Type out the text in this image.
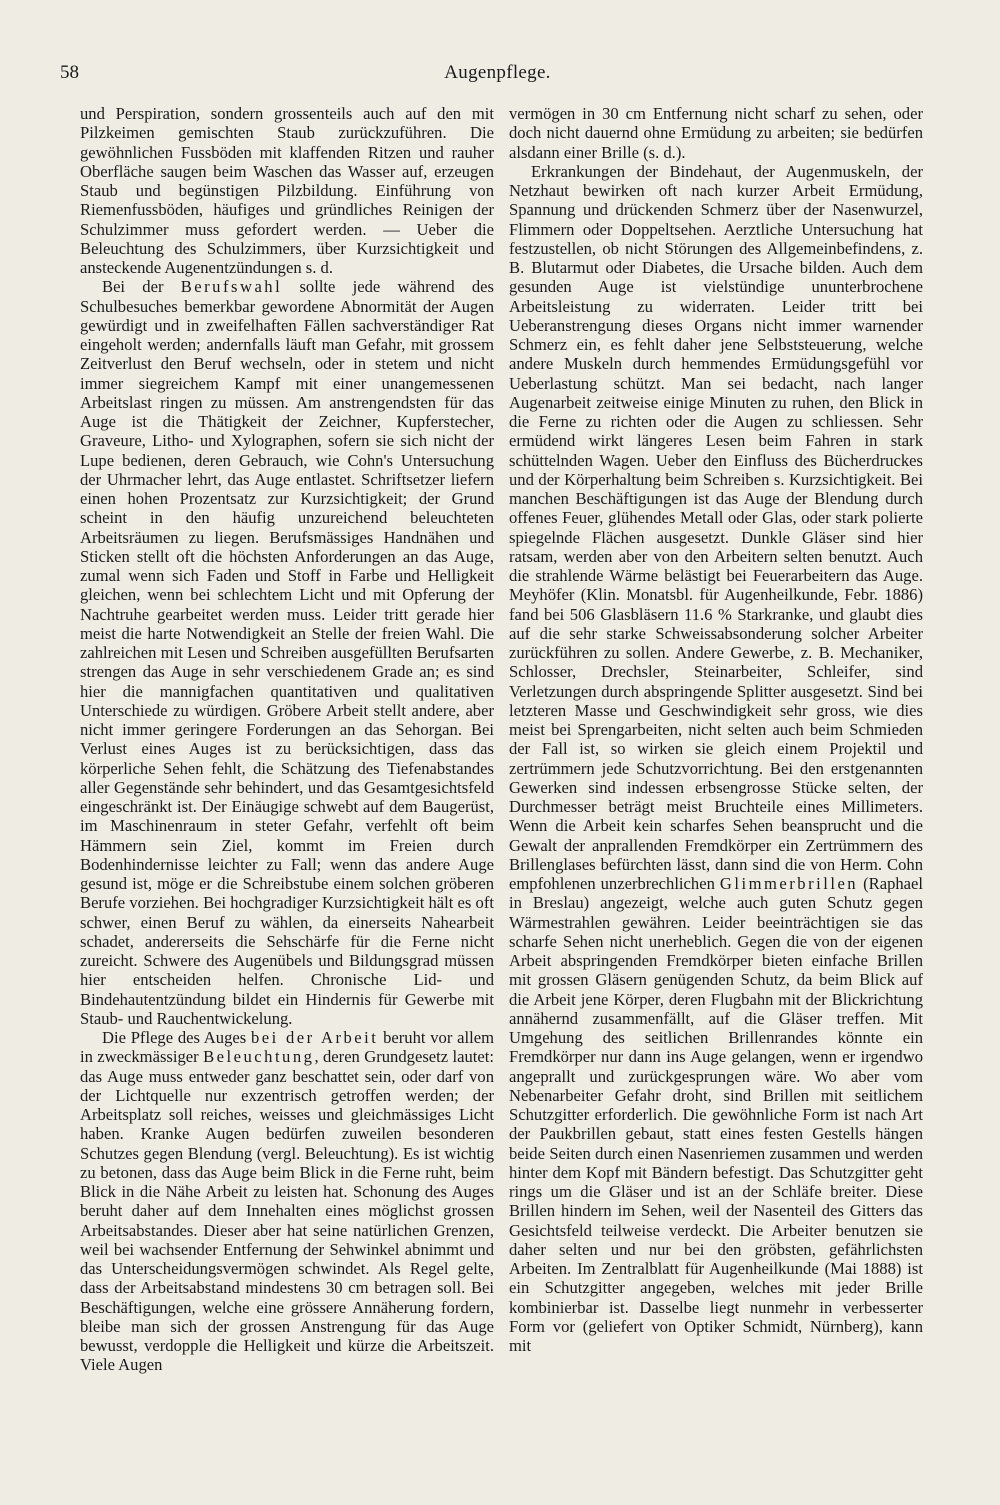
58	Augenpflege.

und Perspiration, sondern grossenteils auch auf den mit Pilzkeimen gemischten Staub zurückzuführen. Die gewöhnlichen Fussböden mit klaffenden Ritzen und rauher Oberfläche saugen beim Waschen das Wasser auf, erzeugen Staub und begünstigen Pilzbildung. Einführung von Riemenfussböden, häufiges und gründliches Reinigen der Schulzimmer muss gefordert werden. — Ueber die Beleuchtung des Schulzimmers, über Kurzsichtigkeit und ansteckende Augenentzündungen s. d.

Bei der Berufswahl sollte jede während des Schulbesuches bemerkbar gewordene Abnormität der Augen gewürdigt und in zweifelhaften Fällen sachverständiger Rat eingeholt werden; andernfalls läuft man Gefahr, mit grossem Zeitverlust den Beruf wechseln, oder in stetem und nicht immer siegreichem Kampf mit einer unangemessenen Arbeitslast ringen zu müssen. Am anstrengendsten für das Auge ist die Thätigkeit der Zeichner, Kupferstecher, Graveure, Litho- und Xylographen, sofern sie sich nicht der Lupe bedienen, deren Gebrauch, wie Cohn's Untersuchung der Uhrmacher lehrt, das Auge entlastet. Schriftsetzer liefern einen hohen Prozentsatz zur Kurzsichtigkeit; der Grund scheint in den häufig unzureichend beleuchteten Arbeitsräumen zu liegen. Berufsmässiges Handnähen und Sticken stellt oft die höchsten Anforderungen an das Auge, zumal wenn sich Faden und Stoff in Farbe und Helligkeit gleichen, wenn bei schlechtem Licht und mit Opferung der Nachtruhe gearbeitet werden muss. Leider tritt gerade hier meist die harte Notwendigkeit an Stelle der freien Wahl. Die zahlreichen mit Lesen und Schreiben ausgefüllten Berufsarten strengen das Auge in sehr verschiedenem Grade an; es sind hier die mannigfachen quantitativen und qualitativen Unterschiede zu würdigen. Gröbere Arbeit stellt andere, aber nicht immer geringere Forderungen an das Sehorgan. Bei Verlust eines Auges ist zu berücksichtigen, dass das körperliche Sehen fehlt, die Schätzung des Tiefenabstandes aller Gegenstände sehr behindert, und das Gesamtgesichtsfeld eingeschränkt ist. Der Einäugige schwebt auf dem Baugerüst, im Maschinenraum in steter Gefahr, verfehlt oft beim Hämmern sein Ziel, kommt im Freien durch Bodenhindernisse leichter zu Fall; wenn das andere Auge gesund ist, möge er die Schreibstube einem solchen gröberen Berufe vorziehen. Bei hochgradiger Kurzsichtigkeit hält es oft schwer, einen Beruf zu wählen, da einerseits Nahearbeit schadet, andererseits die Sehschärfe für die Ferne nicht zureicht. Schwere des Augenübels und Bildungsgrad müssen hier entscheiden helfen. Chronische Lid- und Bindehautentzündung bildet ein Hindernis für Gewerbe mit Staub- und Rauchentwickelung.

Die Pflege des Auges bei der Arbeit beruht vor allem in zweckmässiger Beleuchtung, deren Grundgesetz lautet: das Auge muss entweder ganz beschattet sein, oder darf von der Lichtquelle nur exzentrisch getroffen werden; der Arbeitsplatz soll reiches, weisses und gleichmässiges Licht haben. Kranke Augen bedürfen zuweilen besonderen Schutzes gegen Blendung (vergl. Beleuchtung). Es ist wichtig zu betonen, dass das Auge beim Blick in die Ferne ruht, beim Blick in die Nähe Arbeit zu leisten hat. Schonung des Auges beruht daher auf dem Innehalten eines möglichst grossen Arbeitsabstandes. Dieser aber hat seine natürlichen Grenzen, weil bei wachsender Entfernung der Sehwinkel abnimmt und das Unterscheidungsvermögen schwindet. Als Regel gelte, dass der Arbeitsabstand mindestens 30 cm betragen soll. Bei Beschäftigungen, welche eine grössere Annäherung fordern, bleibe man sich der grossen Anstrengung für das Auge bewusst, verdopple die Helligkeit und kürze die Arbeitszeit. Viele Augen

vermögen in 30 cm Entfernung nicht scharf zu sehen, oder doch nicht dauernd ohne Ermüdung zu arbeiten; sie bedürfen alsdann einer Brille (s. d.).

Erkrankungen der Bindehaut, der Augenmuskeln, der Netzhaut bewirken oft nach kurzer Arbeit Ermüdung, Spannung und drückenden Schmerz über der Nasenwurzel, Flimmern oder Doppeltsehen. Aerztliche Untersuchung hat festzustellen, ob nicht Störungen des Allgemeinbefindens, z. B. Blutarmut oder Diabetes, die Ursache bilden. Auch dem gesunden Auge ist vielstündige ununterbrochene Arbeitsleistung zu widerraten. Leider tritt bei Ueberanstrengung dieses Organs nicht immer warnender Schmerz ein, es fehlt daher jene Selbststeuerung, welche andere Muskeln durch hemmendes Ermüdungsgefühl vor Ueberlastung schützt. Man sei bedacht, nach langer Augenarbeit zeitweise einige Minuten zu ruhen, den Blick in die Ferne zu richten oder die Augen zu schliessen. Sehr ermüdend wirkt längeres Lesen beim Fahren in stark schüttelnden Wagen. Ueber den Einfluss des Bücherdruckes und der Körperhaltung beim Schreiben s. Kurzsichtigkeit. Bei manchen Beschäftigungen ist das Auge der Blendung durch offenes Feuer, glühendes Metall oder Glas, oder stark polierte spiegelnde Flächen ausgesetzt. Dunkle Gläser sind hier ratsam, werden aber von den Arbeitern selten benutzt. Auch die strahlende Wärme belästigt bei Feuerarbeitern das Auge. Meyhöfer (Klin. Monatsbl. für Augenheilkunde, Febr. 1886) fand bei 506 Glasbläsern 11.6 % Starkranke, und glaubt dies auf die sehr starke Schweissabsonderung solcher Arbeiter zurückführen zu sollen. Andere Gewerbe, z. B. Mechaniker, Schlosser, Drechsler, Steinarbeiter, Schleifer, sind Verletzungen durch abspringende Splitter ausgesetzt. Sind bei letzteren Masse und Geschwindigkeit sehr gross, wie dies meist bei Sprengarbeiten, nicht selten auch beim Schmieden der Fall ist, so wirken sie gleich einem Projektil und zertrümmern jede Schutzvorrichtung. Bei den erstgenannten Gewerken sind indessen erbsengrosse Stücke selten, der Durchmesser beträgt meist Bruchteile eines Millimeters. Wenn die Arbeit kein scharfes Sehen beansprucht und die Gewalt der anprallenden Fremdkörper ein Zertrümmern des Brillenglases befürchten lässt, dann sind die von Herm. Cohn empfohlenen unzerbrechlichen Glimmerbrillen (Raphael in Breslau) angezeigt, welche auch guten Schutz gegen Wärmestrahlen gewähren. Leider beeinträchtigen sie das scharfe Sehen nicht unerheblich. Gegen die von der eigenen Arbeit abspringenden Fremdkörper bieten einfache Brillen mit grossen Gläsern genügenden Schutz, da beim Blick auf die Arbeit jene Körper, deren Flugbahn mit der Blickrichtung annähernd zusammenfällt, auf die Gläser treffen. Mit Umgehung des seitlichen Brillenrandes könnte ein Fremdkörper nur dann ins Auge gelangen, wenn er irgendwo angeprallt und zurückgesprungen wäre. Wo aber vom Nebenarbeiter Gefahr droht, sind Brillen mit seitlichem Schutzgitter erforderlich. Die gewöhnliche Form ist nach Art der Paukbrillen gebaut, statt eines festen Gestells hängen beide Seiten durch einen Nasenriemen zusammen und werden hinter dem Kopf mit Bändern befestigt. Das Schutzgitter geht rings um die Gläser und ist an der Schläfe breiter. Diese Brillen hindern im Sehen, weil der Nasenteil des Gitters das Gesichtsfeld teilweise verdeckt. Die Arbeiter benutzen sie daher selten und nur bei den gröbsten, gefährlichsten Arbeiten. Im Zentralblatt für Augenheilkunde (Mai 1888) ist ein Schutzgitter angegeben, welches mit jeder Brille kombinierbar ist. Dasselbe liegt nunmehr in verbesserter Form vor (geliefert von Optiker Schmidt, Nürnberg), kann mit
